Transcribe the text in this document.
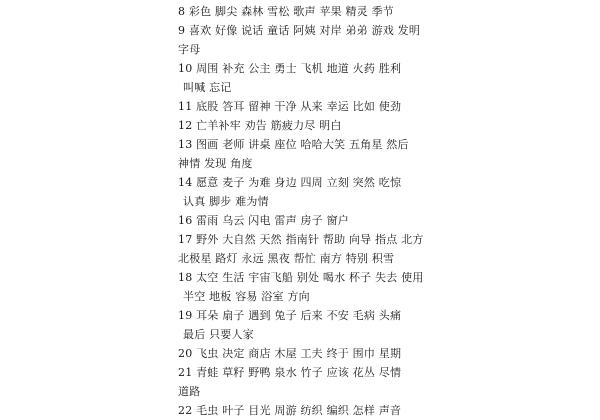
8 彩色 脚尖 森林 雪松 歌声 苹果 精灵 季节
9 喜欢 好像 说话 童话 阿姨 对岸 弟弟 游戏 发明
字母
10 周围 补充 公主 勇士 飞机 地道 火药 胜利
叫喊 忘记
11 底股 答耳 留神 干净 从来 幸运 比如 使劲
12 亡羊补牢 劝告 筋疲力尽 明白
13 图画 老师 讲桌 座位 哈哈大笑 五角星 然后
神情 发现 角度
14 愿意 麦子 为难 身边 四周 立刻 突然 吃惊
认真 脚步 难为情
16 雷雨 乌云 闪电 雷声 房子 窗户
17 野外 大自然 天然 指南针 帮助 向导 指点 北方
北极星 路灯 永远 黑夜 帮忙 南方 特别 积雪
18 太空 生活 宇宙飞船 别处 喝水 杯子 失去 使用
半空 地板 容易 浴室 方向
19 耳朵 扇子 遇到 兔子 后来 不安 毛病 头痛
最后 只要人家
20 飞虫 决定 商店 木屋 工夫 终于 围巾 星期
21 青蛙 草籽 野鸭 泉水 竹子 应该 花丛 尽情
道路
22 毛虫 叶子 目光 周游 纺织 编织 怎样 声音
